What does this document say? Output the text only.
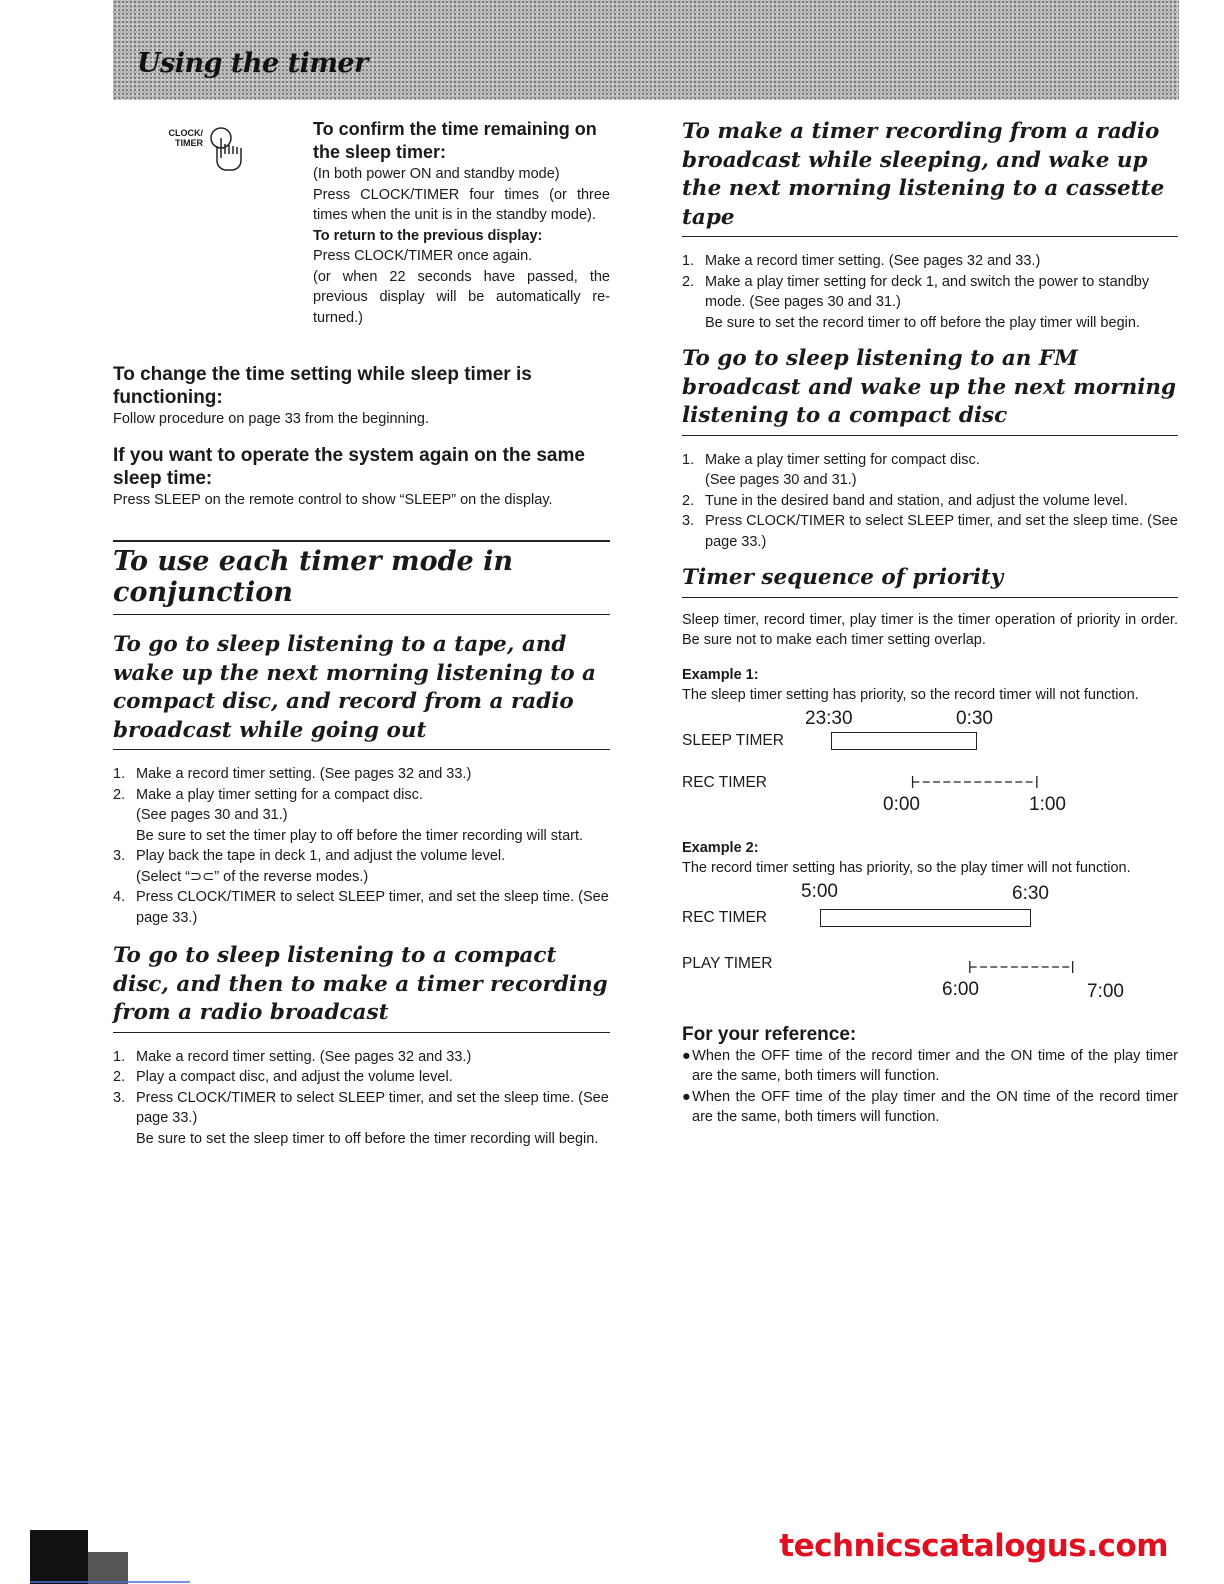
Using the timer
CLOCK/
TIMER

To confirm the time remaining on the sleep timer:

(In both power ON and standby mode)

Press CLOCK/TIMER four times (or three times when the unit is in the standby mode).

To return to the previous display:

Press CLOCK/TIMER once again.

(or when 22 seconds have passed, the previous display will be automatically re-turned.)

To change the time setting while sleep timer is functioning:

Follow procedure on page 33 from the beginning.

If you want to operate the system again on the same sleep time:

Press SLEEP on the remote control to show “SLEEP” on the display.

To use each timer mode in conjunction
To go to sleep listening to a tape, and wake up the next morning listening to a compact disc, and record from a radio broadcast while going out
1. Make a record timer setting. (See pages 32 and 33.)
2. Make a play timer setting for a compact disc.
(See pages 30 and 31.)
Be sure to set the timer play to off before the timer recording will start.
3. Play back the tape in deck 1, and adjust the volume level.
(Select “⊃⊂” of the reverse modes.)
4. Press CLOCK/TIMER to select SLEEP timer, and set the sleep time. (See page 33.)
To go to sleep listening to a compact disc, and then to make a timer recording from a radio broadcast
1. Make a record timer setting. (See pages 32 and 33.)
2. Play a compact disc, and adjust the volume level.
3. Press CLOCK/TIMER to select SLEEP timer, and set the sleep time. (See page 33.)
Be sure to set the sleep timer to off before the timer recording will begin.
To make a timer recording from a radio broadcast while sleeping, and wake up the next morning listening to a cassette tape
1. Make a record timer setting. (See pages 32 and 33.)
2. Make a play timer setting for deck 1, and switch the power to standby mode. (See pages 30 and 31.)
Be sure to set the record timer to off before the play timer will begin.
To go to sleep listening to an FM broadcast and wake up the next morning listening to a compact disc
1. Make a play timer setting for compact disc.
(See pages 30 and 31.)
2. Tune in the desired band and station, and adjust the volume level.
3. Press CLOCK/TIMER to select SLEEP timer, and set the sleep time. (See page 33.)
Timer sequence of priority

Sleep timer, record timer, play timer is the timer operation of priority in order. Be sure not to make each timer setting overlap.

Example 1:

The sleep timer setting has priority, so the record timer will not function.

23:30	0:30
SLEEP TIMER
REC TIMER
0:00	1:00

Example 2:

The record timer setting has priority, so the play timer will not function.

5:00	6:30
REC TIMER
PLAY TIMER
6:00	7:00

For your reference:

●When the OFF time of the record timer and the ON time of the play timer are the same, both timers will function.

●When the OFF time of the play timer and the ON time of the record timer are the same, both timers will function.

technicscatalogus.com
